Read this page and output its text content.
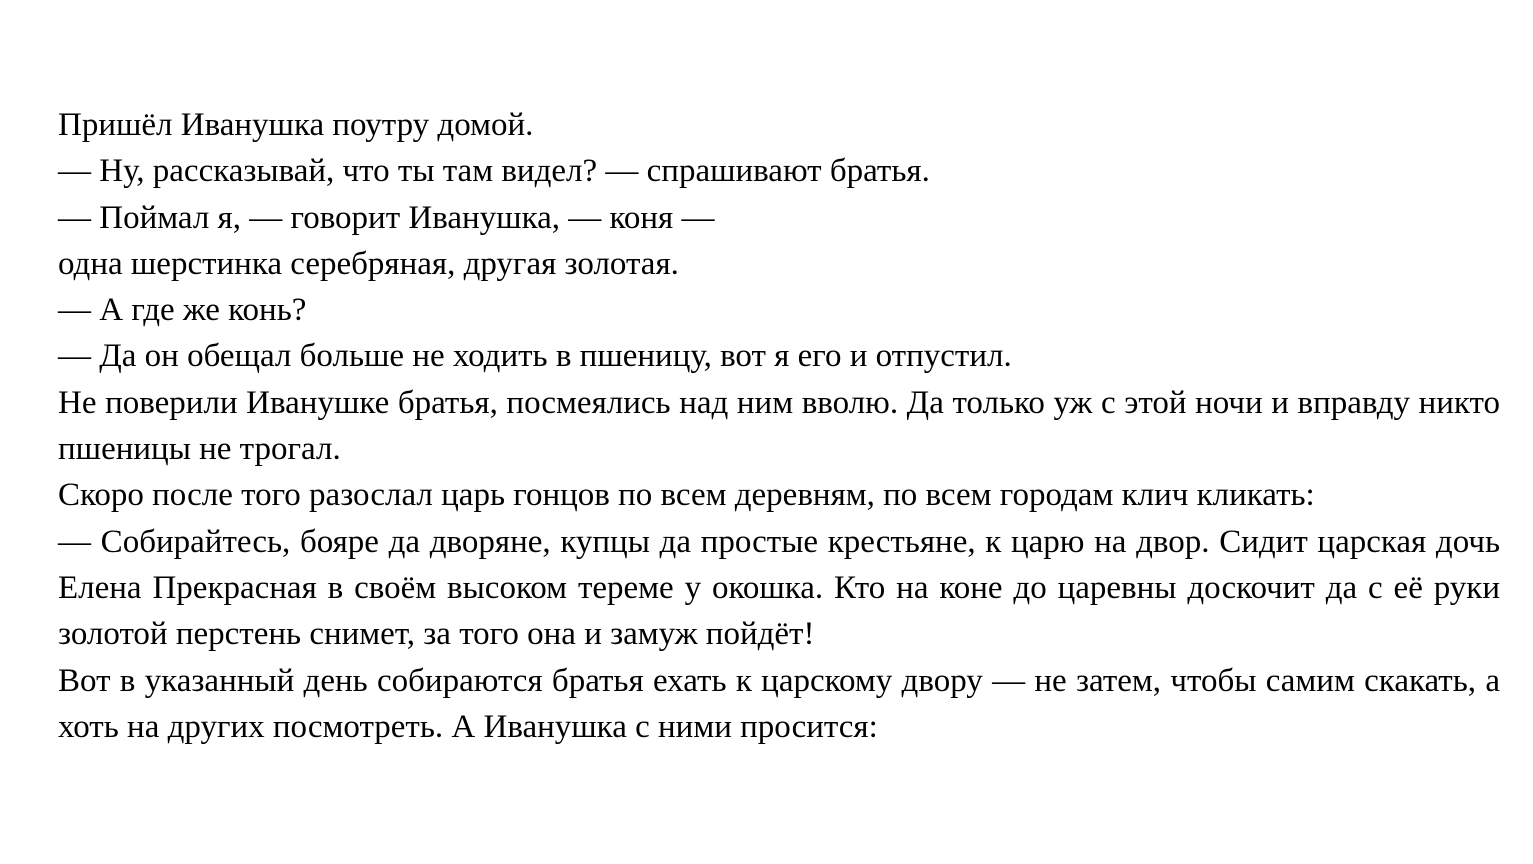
Пришёл Иванушка поутру домой.

— Ну, рассказывай, что ты там видел? — спрашивают братья.

— Поймал я, — говорит Иванушка, — коня —

одна шерстинка серебряная, другая золотая.

— А где же конь?

— Да он обещал больше не ходить в пшеницу, вот я его и отпустил.

Не поверили Иванушке братья, посмеялись над ним вволю. Да только уж с этой ночи и вправду никто пшеницы не трогал.

Скоро после того разослал царь гонцов по всем деревням, по всем городам клич кликать:

— Собирайтесь, бояре да дворяне, купцы да простые крестьяне, к царю на двор. Сидит царская дочь Елена Прекрасная в своём высоком тереме у окошка. Кто на коне до царевны доскочит да с её руки золотой перстень снимет, за того она и замуж пойдёт!

Вот в указанный день собираются братья ехать к царскому двору — не затем, чтобы самим скакать, а хоть на других посмотреть. А Иванушка с ними просится:
